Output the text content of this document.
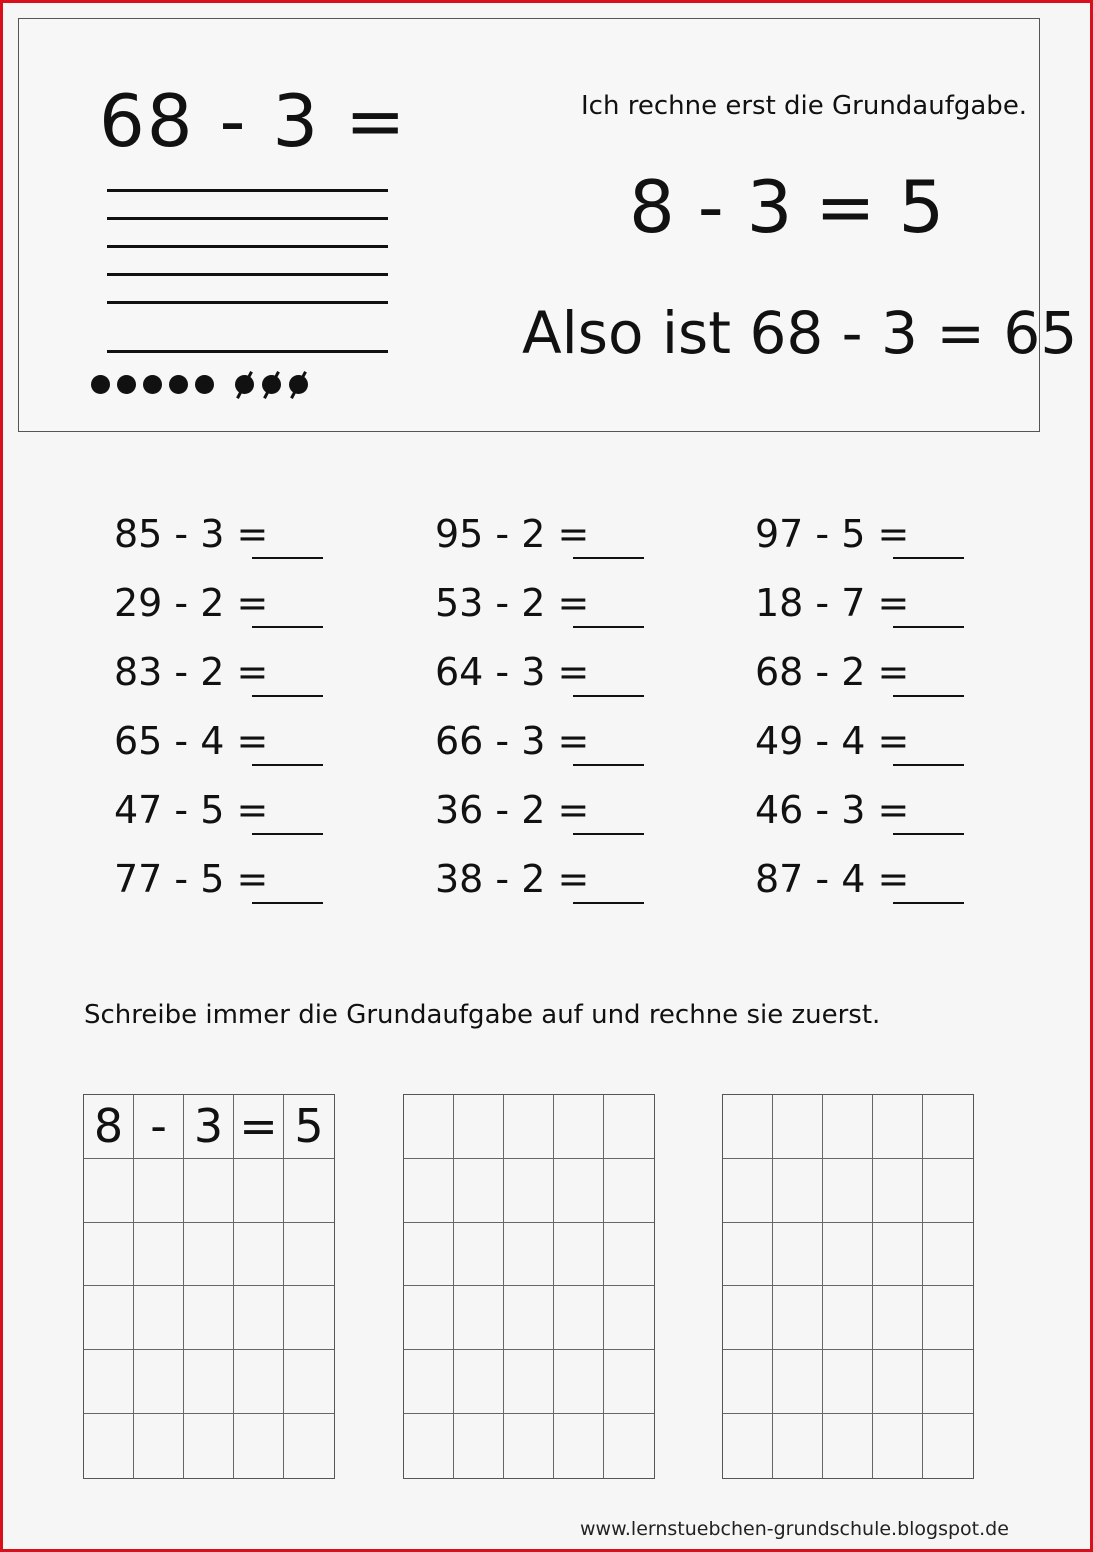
68 - 3 =	Ich rechne erst die Grundaufgabe.
8 - 3 = 5
Also ist 68 - 3 = 65
85 - 3 =	95 - 2 =	97 - 5 =
29 - 2 =	53 - 2 =	18 - 7 =
83 - 2 =	64 - 3 =	68 - 2 =
65 - 4 =	66 - 3 =	49 - 4 =
47 - 5 =	36 - 2 =	46 - 3 =
77 - 5 =	38 - 2 =	87 - 4 =
Schreibe immer die Grundaufgabe auf und rechne sie zuerst.
8 - 3 = 5
www.lernstuebchen-grundschule.blogspot.de
